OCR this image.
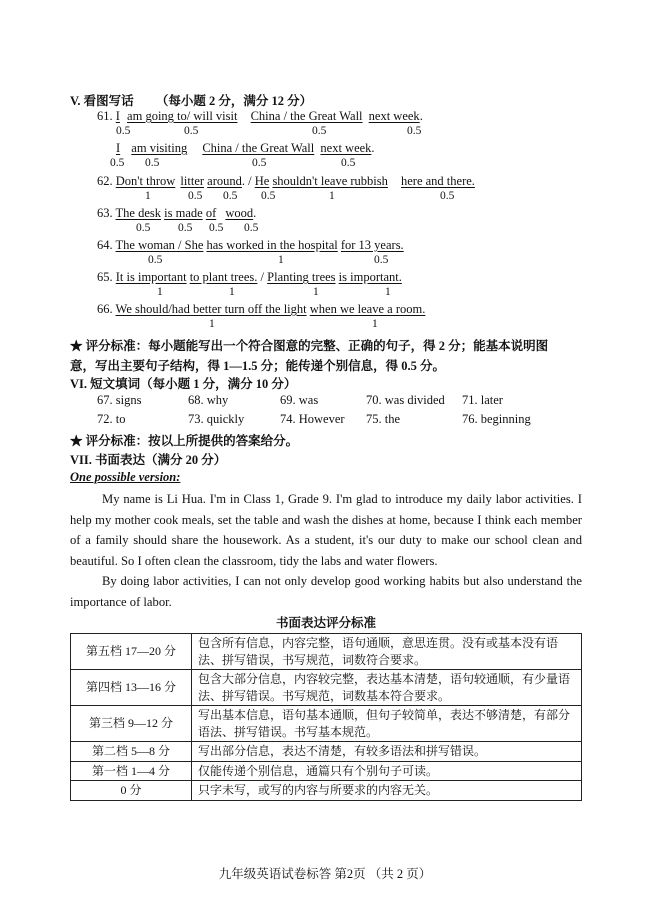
V. 看图写话 （每小题 2 分，满分 12 分）
61. I am going to/ will visit China / the Great Wall next week.
0.5	0.5	0.5	0.5
I am visiting China / the Great Wall next week.
0.5 0.5	0.5	0.5
62. Don't throw litter around. / He shouldn't leave rubbish here and there.
1	0.5 0.5 0.5	1	0.5
63. The desk is made of wood.
0.5 0.5 0.5 0.5
64. The woman / She has worked in the hospital for 13 years.
0.5	1	0.5
65. It is important to plant trees. / Planting trees is important.
1	1	1	1
66. We should/had better turn off the light when we leave a room.
1	1
★ 评分标准：每小题能写出一个符合图意的完整、正确的句子，得 2 分；能基本说明图
意，写出主要句子结构，得 1—1.5 分；能传递个别信息，得 0.5 分。
VI. 短文填词（每小题 1 分，满分 10 分）
67. signs	68. why	69. was	70. was divided 71. later
72. to	73. quickly	74. However 75. the	76. beginning
★ 评分标准：按以上所提供的答案给分。
VII. 书面表达（满分 20 分）
One possible version:

My name is Li Hua. I'm in Class 1, Grade 9. I'm glad to introduce my daily labor activities. I help my mother cook meals, set the table and wash the dishes at home, because I think each member of a family should share the housework. As a student, it's our duty to make our school clean and beautiful. So I often clean the classroom, tidy the labs and water flowers.

By doing labor activities, I can not only develop good working habits but also understand the importance of labor.

书面表达评分标准
第五档 17—20 分	包含所有信息，内容完整，语句通顺，意思连贯。没有或基本没有语法、拼写错误，书写规范，词数符合要求。
第四档 13—16 分	包含大部分信息，内容较完整，表达基本清楚，语句较通顺，有少量语法、拼写错误。书写规范，词数基本符合要求。
第三档 9—12 分	写出基本信息，语句基本通顺，但句子较简单，表达不够清楚，有部分语法、拼写错误。书写基本规范。
第二档 5—8 分	写出部分信息，表达不清楚，有较多语法和拼写错误。
第一档 1—4 分	仅能传递个别信息，通篇只有个别句子可读。
0 分	只字未写，或写的内容与所要求的内容无关。
九年级英语试卷标答 第2页 （共 2 页）
